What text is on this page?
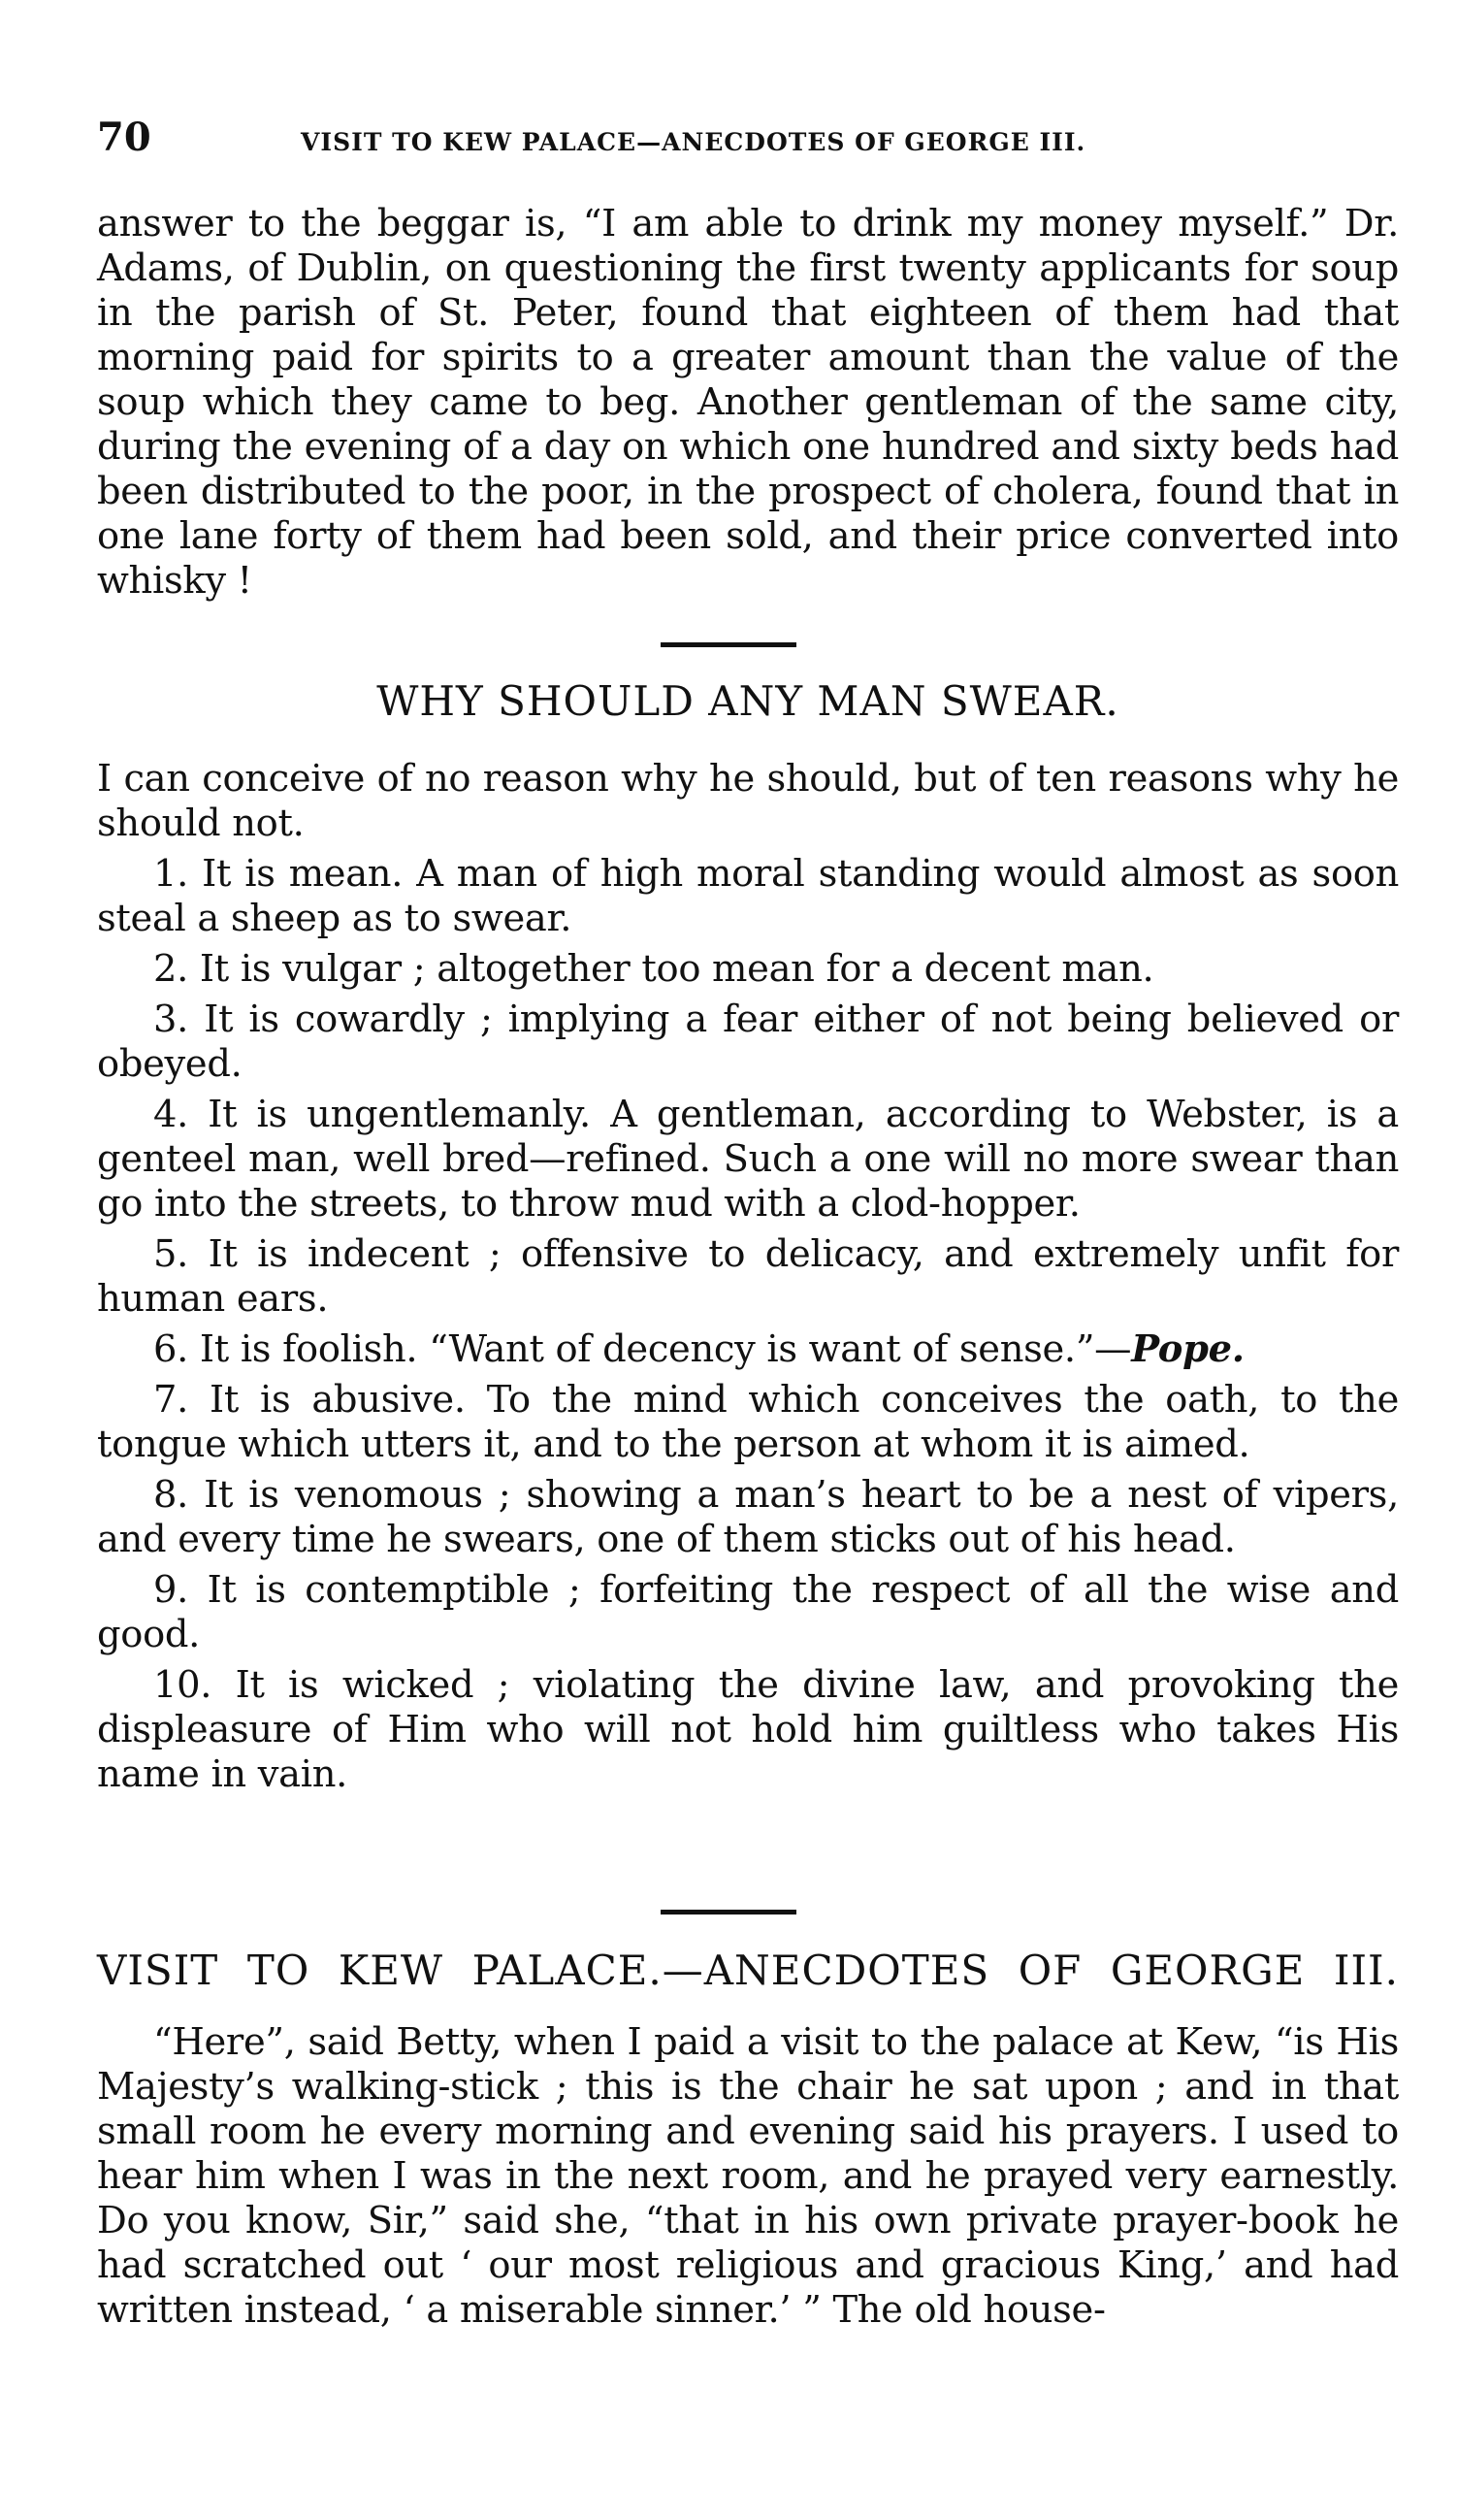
70	VISIT TO KEW PALACE—ANECDOTES OF GEORGE III.

answer to the beggar is, “I am able to drink my money myself.” Dr. Adams, of Dublin, on questioning the first twenty applicants for soup in the parish of St. Peter, found that eighteen of them had that morning paid for spirits to a greater amount than the value of the soup which they came to beg. Another gentleman of the same city, during the evening of a day on which one hundred and sixty beds had been distributed to the poor, in the prospect of cholera, found that in one lane forty of them had been sold, and their price converted into whisky !

WHY SHOULD ANY MAN SWEAR.

I can conceive of no reason why he should, but of ten reasons why he should not.

1. It is mean. A man of high moral standing would almost as soon steal a sheep as to swear.

2. It is vulgar ; altogether too mean for a decent man.

3. It is cowardly ; implying a fear either of not being believed or obeyed.

4. It is ungentlemanly. A gentleman, according to Webster, is a genteel man, well bred—refined. Such a one will no more swear than go into the streets, to throw mud with a clod-hopper.

5. It is indecent ; offensive to delicacy, and extremely unfit for human ears.

6. It is foolish. “Want of decency is want of sense.”—Pope.

7. It is abusive. To the mind which conceives the oath, to the tongue which utters it, and to the person at whom it is aimed.

8. It is venomous ; showing a man’s heart to be a nest of vipers, and every time he swears, one of them sticks out of his head.

9. It is contemptible ; forfeiting the respect of all the wise and good.

10. It is wicked ; violating the divine law, and provoking the displeasure of Him who will not hold him guiltless who takes His name in vain.

VISIT TO KEW PALACE.—ANECDOTES OF GEORGE III.

“Here”, said Betty, when I paid a visit to the palace at Kew, “is His Majesty’s walking-stick ; this is the chair he sat upon ; and in that small room he every morning and evening said his prayers. I used to hear him when I was in the next room, and he prayed very earnestly. Do you know, Sir,” said she, “that in his own private prayer-book he had scratched out ‘ our most religious and gracious King,’ and had written instead, ‘ a miserable sinner.’ ” The old house-
